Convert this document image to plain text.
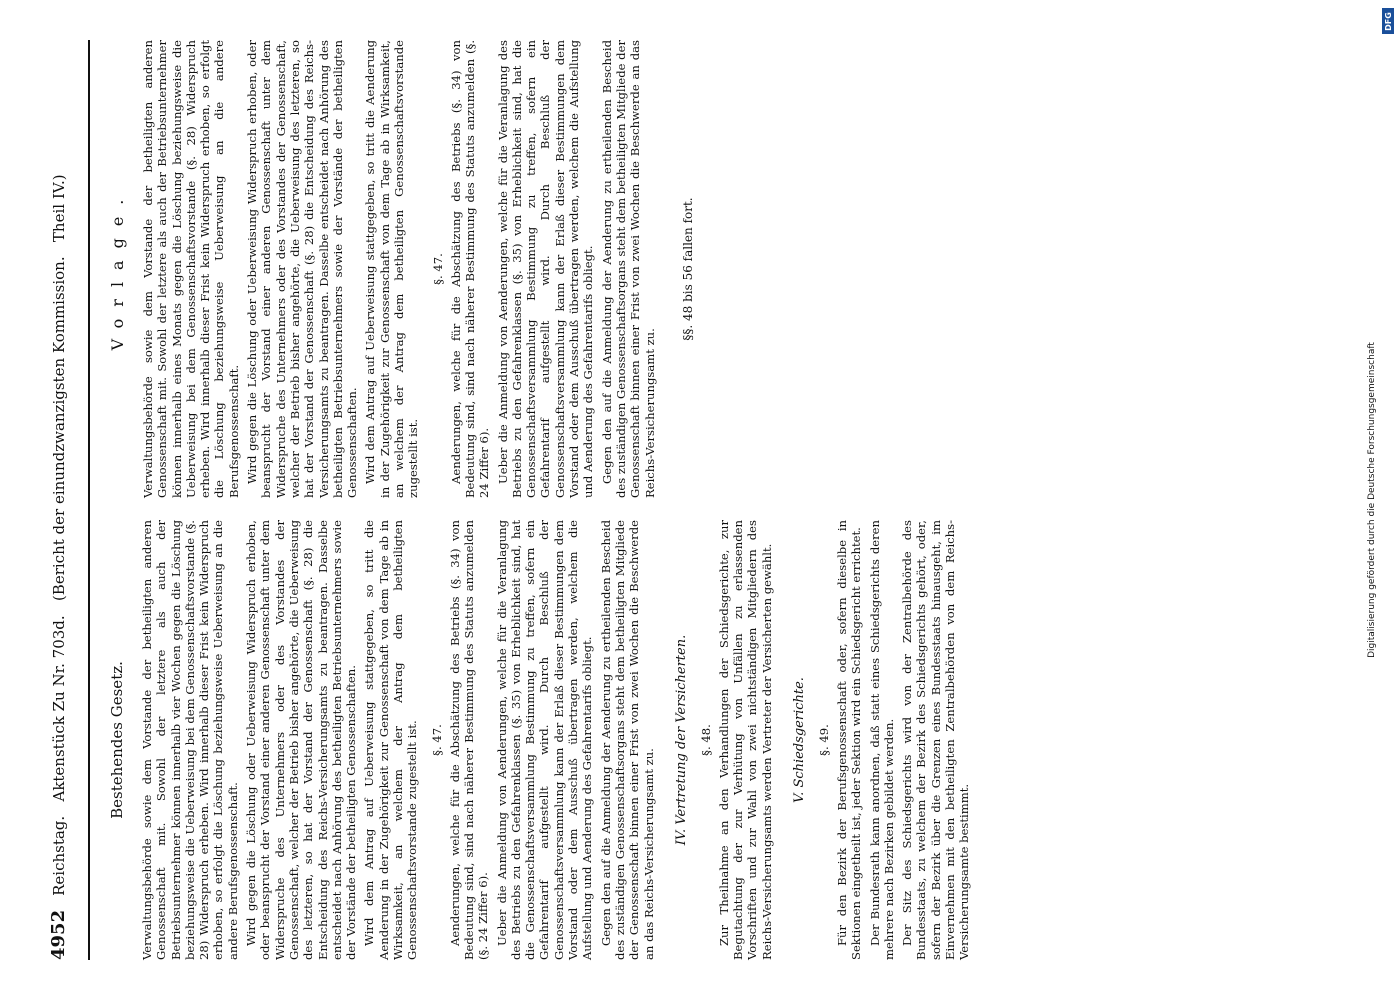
4952
Reichstag.   Aktenstück Zu Nr. 703d.   (Bericht der einundzwanzigsten Kommission.   Theil IV.)	Bestehendes Gesetz. Verwaltungsbehörde sowie dem Vorstande der betheiligten anderen Genossenschaft mit. Sowohl der letztere als auch der Betriebsunternehmer können innerhalb vier Wochen gegen die Löschung beziehungsweise die Ueberweisung bei dem Genossenschaftsvorstande (§. 28) Widerspruch erheben. Wird innerhalb dieser Frist kein Widerspruch erhoben, so erfolgt die Löschung beziehungsweise Ueberweisung an die andere Berufsgenossenschaft. Wird gegen die Löschung oder Ueberweisung Widerspruch erhoben, oder beansprucht der Vorstand einer anderen Genossenschaft unter dem Widerspruche des Unternehmers oder des Vorstandes der Genossenschaft, welcher der Betrieb bisher angehörte, die Ueberweisung des letzteren, so hat der Vorstand der Genossenschaft (§. 28) die Entscheidung des Reichs-Versicherungsamts zu beantragen. Dasselbe entscheidet nach Anhörung des betheiligten Betriebsunternehmers sowie der Vorstände der betheiligten Genossenschaften. Wird dem Antrag auf Ueberweisung stattgegeben, so tritt die Aenderung in der Zugehörigkeit zur Genossenschaft von dem Tage ab in Wirksamkeit, an welchem der Antrag dem betheiligten Genossenschaftsvorstande zugestellt ist. §. 47. Aenderungen, welche für die Abschätzung des Betriebs (§. 34) von Bedeutung sind, sind nach näherer Bestimmung des Statuts anzumelden (§. 24 Ziffer 6). Ueber die Anmeldung von Aenderungen, welche für die Veranlagung des Betriebs zu den Gefahrenklassen (§. 35) von Erheblichkeit sind, hat die Genossenschaftsversammlung Bestimmung zu treffen, sofern ein Gefahrentarif aufgestellt wird. Durch Beschluß der Genossenschaftsversammlung kann der Erlaß dieser Bestimmungen dem Vorstand oder dem Ausschuß übertragen werden, welchem die Aufstellung und Aenderung des Gefahrentarifs obliegt. Gegen den auf die Anmeldung der Aenderung zu ertheilenden Bescheid des zuständigen Genossenschaftsorgans steht dem betheiligten Mitgliede der Genossenschaft binnen einer Frist von zwei Wochen die Beschwerde an das Reichs-Versicherungsamt zu.

IV. Vertretung der Versicherten. §. 48. Zur Theilnahme an den Verhandlungen der Schiedsgerichte, zur Begutachtung der zur Verhütung von Unfällen zu erlassenden Vorschriften und zur Wahl von zwei nichtständigen Mitgliedern des Reichs-Versicherungsamts werden Vertreter der Versicherten gewählt. V. Schiedsgerichte. §. 49. Für den Bezirk der Berufsgenossenschaft oder, sofern dieselbe in Sektionen eingetheilt ist, jeder Sektion wird ein Schiedsgericht errichtet. Der Bundesrath kann anordnen, daß statt eines Schiedsgerichts deren mehrere nach Bezirken gebildet werden. Der Sitz des Schiedsgerichts wird von der Zentralbehörde des Bundesstaats, zu welchem der Bezirk des Schiedsgerichts gehört, oder, sofern der Bezirk über die Grenzen eines Bundesstaats hinausgeht, im Einvernehmen mit den betheiligten Zentralbehörden von dem Reichs-Versicherungsamte bestimmt.

Vorlage. Verwaltungsbehörde sowie dem Vorstande der betheiligten anderen Genossenschaft mit. Sowohl der letztere als auch der Betriebsunternehmer können innerhalb eines Monats gegen die Löschung beziehungsweise die Ueberweisung bei dem Genossenschaftsvorstande (§. 28) Widerspruch erheben. Wird innerhalb dieser Frist kein Widerspruch erhoben, so erfolgt die Löschung beziehungsweise Ueberweisung an die andere Berufsgenossenschaft. Wird gegen die Löschung oder Ueberweisung Widerspruch erhoben, oder beansprucht der Vorstand einer anderen Genossenschaft unter dem Widerspruche des Unternehmers oder des Vorstandes der Genossenschaft, welcher der Betrieb bisher angehörte, die Ueberweisung des letzteren, so hat der Vorstand der Genossenschaft (§. 28) die Entscheidung des Reichs-Versicherungsamts zu beantragen. Dasselbe entscheidet nach Anhörung des betheiligten Betriebsunternehmers sowie der Vorstände der betheiligten Genossenschaften. Wird dem Antrag auf Ueberweisung stattgegeben, so tritt die Aenderung in der Zugehörigkeit zur Genossenschaft von dem Tage ab in Wirksamkeit, an welchem der Antrag dem betheiligten Genossenschaftsvorstande zugestellt ist.

§. 47. Aenderungen, welche für die Abschätzung des Betriebs (§. 34) von Bedeutung sind, sind nach näherer Bestimmung des Statuts anzumelden (§. 24 Ziffer 6). Ueber die Anmeldung von Aenderungen, welche für die Veranlagung des Betriebs zu den Gefahrenklassen (§. 35) von Erheblichkeit sind, hat die Genossenschaftsversammlung Bestimmung zu treffen, sofern ein Gefahrentarif aufgestellt wird. Durch Beschluß der Genossenschaftsversammlung kann der Erlaß dieser Bestimmungen dem Vorstand oder dem Ausschuß übertragen werden, welchem die Aufstellung und Aenderung des Gefahrentarifs obliegt. Gegen den auf die Anmeldung der Aenderung zu ertheilenden Bescheid des zuständigen Genossenschaftsorgans steht dem betheiligten Mitgliede der Genossenschaft binnen einer Frist von zwei Wochen die Beschwerde an das Reichs-Versicherungsamt zu.

§§. 48 bis 56 fallen fort.
Digitalisierung gefördert durch die Deutsche Forschungsgemeinschaft
DFG
